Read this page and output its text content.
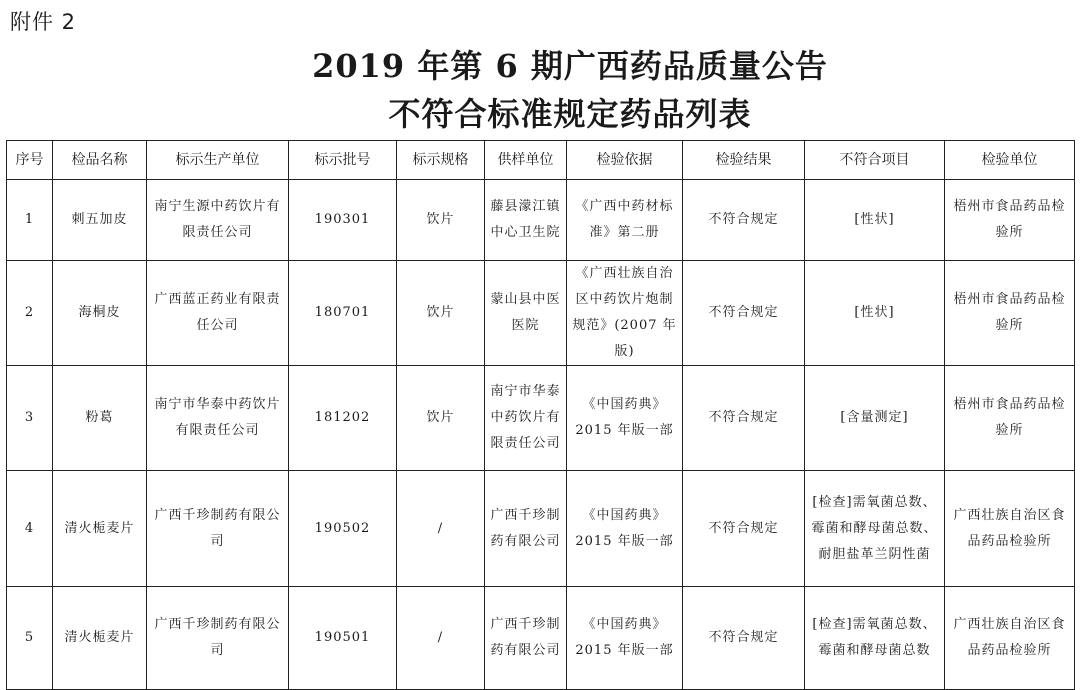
附件 2
2019 年第 6 期广西药品质量公告
不符合标准规定药品列表
序号	检品名称	标示生产单位	标示批号	标示规格	供样单位	检验依据	检验结果	不符合项目	检验单位
1	刺五加皮	南宁生源中药饮片有限责任公司	190301	饮片	藤县濛江镇中心卫生院	《广西中药材标准》第二册	不符合规定	[性状]	梧州市食品药品检验所
2	海桐皮	广西蓝正药业有限责任公司	180701	饮片	蒙山县中医医院	《广西壮族自治区中药饮片炮制规范》(2007 年版)	不符合规定	[性状]	梧州市食品药品检验所
3	粉葛	南宁市华泰中药饮片有限责任公司	181202	饮片	南宁市华泰中药饮片有限责任公司	《中国药典》2015 年版一部	不符合规定	[含量测定]	梧州市食品药品检验所
4	清火栀麦片	广西千珍制药有限公司	190502	/	广西千珍制药有限公司	《中国药典》2015 年版一部	不符合规定	[检查]需氧菌总数、霉菌和酵母菌总数、耐胆盐革兰阴性菌	广西壮族自治区食品药品检验所
5	清火栀麦片	广西千珍制药有限公司	190501	/	广西千珍制药有限公司	《中国药典》2015 年版一部	不符合规定	[检查]需氧菌总数、霉菌和酵母菌总数	广西壮族自治区食品药品检验所
